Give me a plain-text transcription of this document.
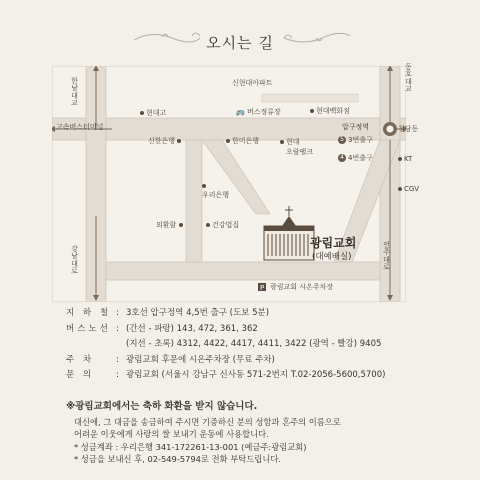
오시는 길
P
신현대아파트
현대고	🚌 버스정류장	현대백화점
고속버스터미널	압구정역	청담동
신한은행	한미은행	현대
오랄팰크
5 3번출구
4 4번출구	KT
CGV

우리은행
외환함	건강법집
광림교회
(대예배실)
광림교회 시온주차장
한남대교
동호대교
강남대로
언주대로
지 하 철 : 3호선 압구정역 4,5번 출구 (도보 5분)
버스노선 : (간선 - 파랑) 143, 472, 361, 362
(지선 - 초록) 4312, 4422, 4417, 4411, 3422 (광역 - 빨강) 9405
주 차	: 광림교회 후문에 시온주차장 (무료 주차)
문 의	: 광림교회 (서울시 강남구 신사동 571-2번지 T.02-2056-5600,5700)
※광림교회에서는 축하 화환을 받지 않습니다.
대신에, 그 대금을 송금하여 주시면 기증하신 분의 성함과 혼주의 이름으로
어려운 이웃에게 사랑의 쌀 보내기 운동에 사용합니다.
* 성금계좌 : 우리은행 341-172261-13-001 (예금주:광림교회)
* 성금을 보내신 후, 02-549-5794로 전화 부탁드립니다.
